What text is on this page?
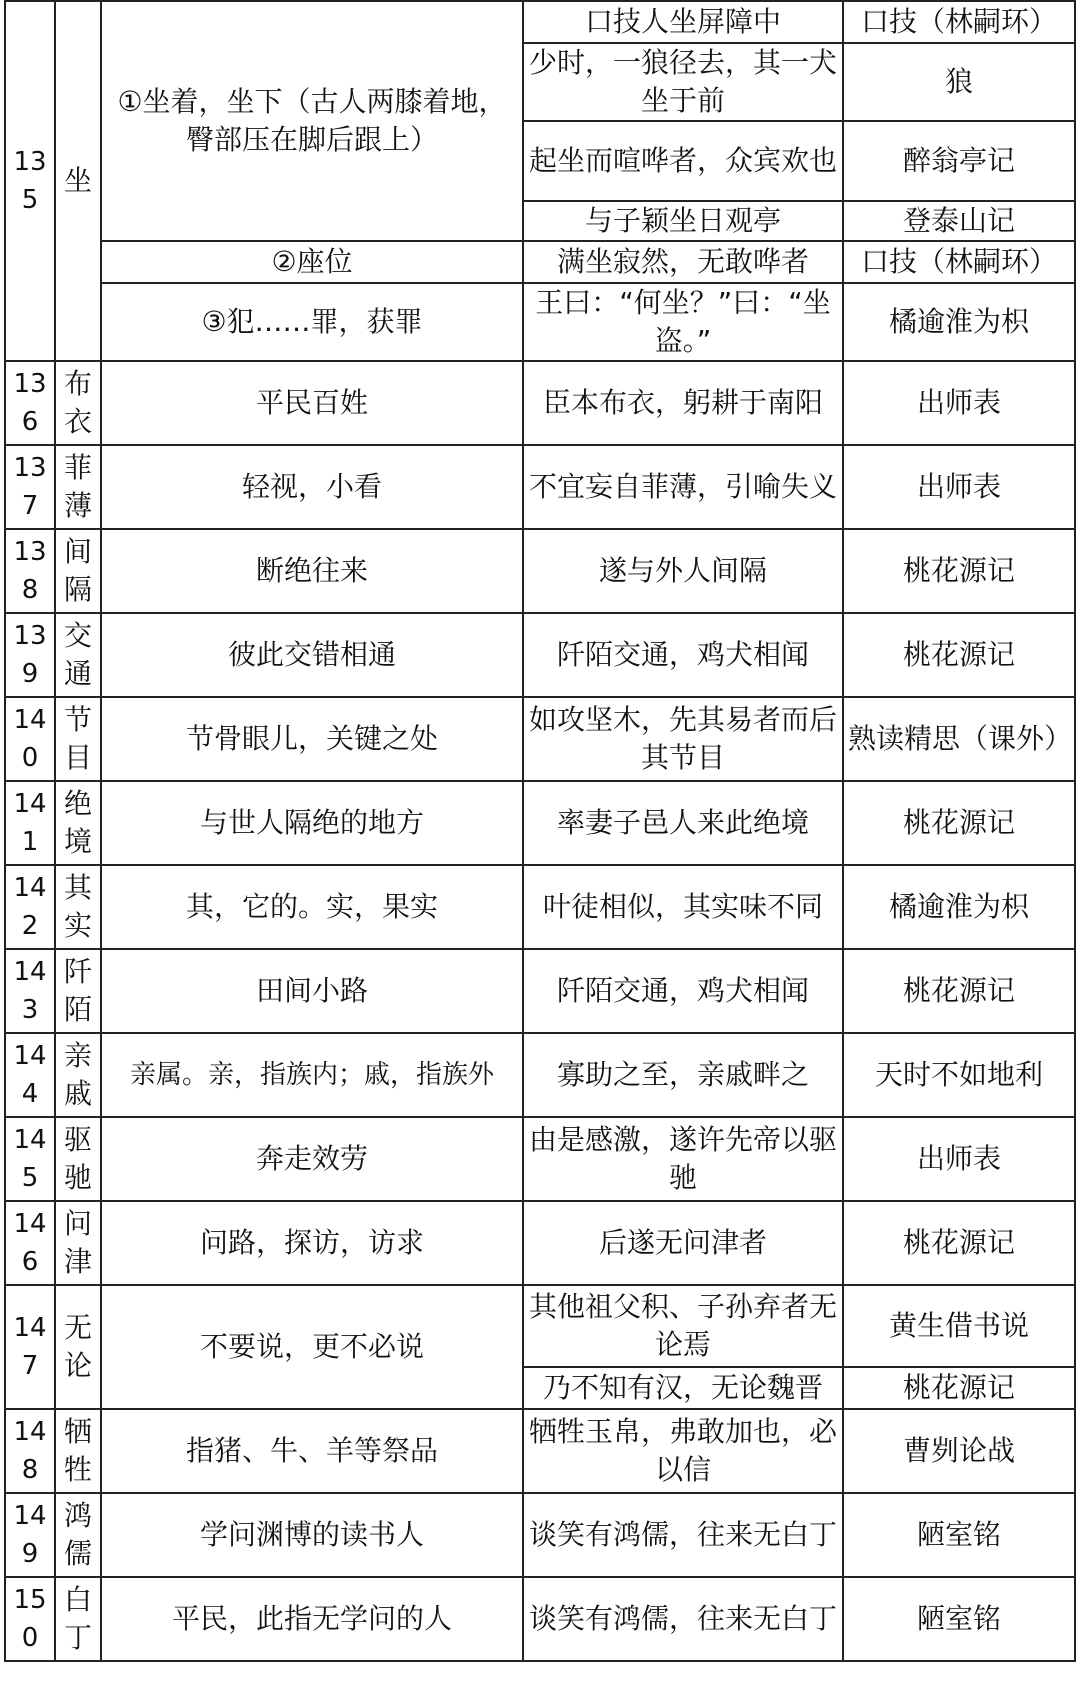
135	坐	①坐着，坐下（古人两膝着地，臀部压在脚后跟上）	口技人坐屏障中	口技（林嗣环）
			少时，一狼径去，其一犬坐于前	狼
			起坐而喧哗者，众宾欢也	醉翁亭记
			与子颖坐日观亭	登泰山记
		②座位	满坐寂然，无敢哗者	口技（林嗣环）
		③犯……罪，获罪	王曰：“何坐？”曰：“坐盗。”	橘逾淮为枳
136	布衣	平民百姓	臣本布衣，躬耕于南阳	出师表
137	菲薄	轻视，小看	不宜妄自菲薄，引喻失义	出师表
138	间隔	断绝往来	遂与外人间隔	桃花源记
139	交通	彼此交错相通	阡陌交通，鸡犬相闻	桃花源记
140	节目	节骨眼儿，关键之处	如攻坚木，先其易者而后其节目	熟读精思（课外）
141	绝境	与世人隔绝的地方	率妻子邑人来此绝境	桃花源记
142	其实	其，它的。实，果实	叶徒相似，其实味不同	橘逾淮为枳
143	阡陌	田间小路	阡陌交通，鸡犬相闻	桃花源记
144	亲戚	亲属。亲，指族内；戚，指族外	寡助之至，亲戚畔之	天时不如地利
145	驱驰	奔走效劳	由是感激，遂许先帝以驱驰	出师表
146	问津	问路，探访，访求	后遂无问津者	桃花源记
147	无论	不要说，更不必说	其他祖父积、子孙弃者无论焉	黄生借书说
			乃不知有汉，无论魏晋	桃花源记
148	牺牲	指猪、牛、羊等祭品	牺牲玉帛，弗敢加也，必以信	曹刿论战
149	鸿儒	学问渊博的读书人	谈笑有鸿儒，往来无白丁	陋室铭
150	白丁	平民，此指无学问的人	谈笑有鸿儒，往来无白丁	陋室铭
